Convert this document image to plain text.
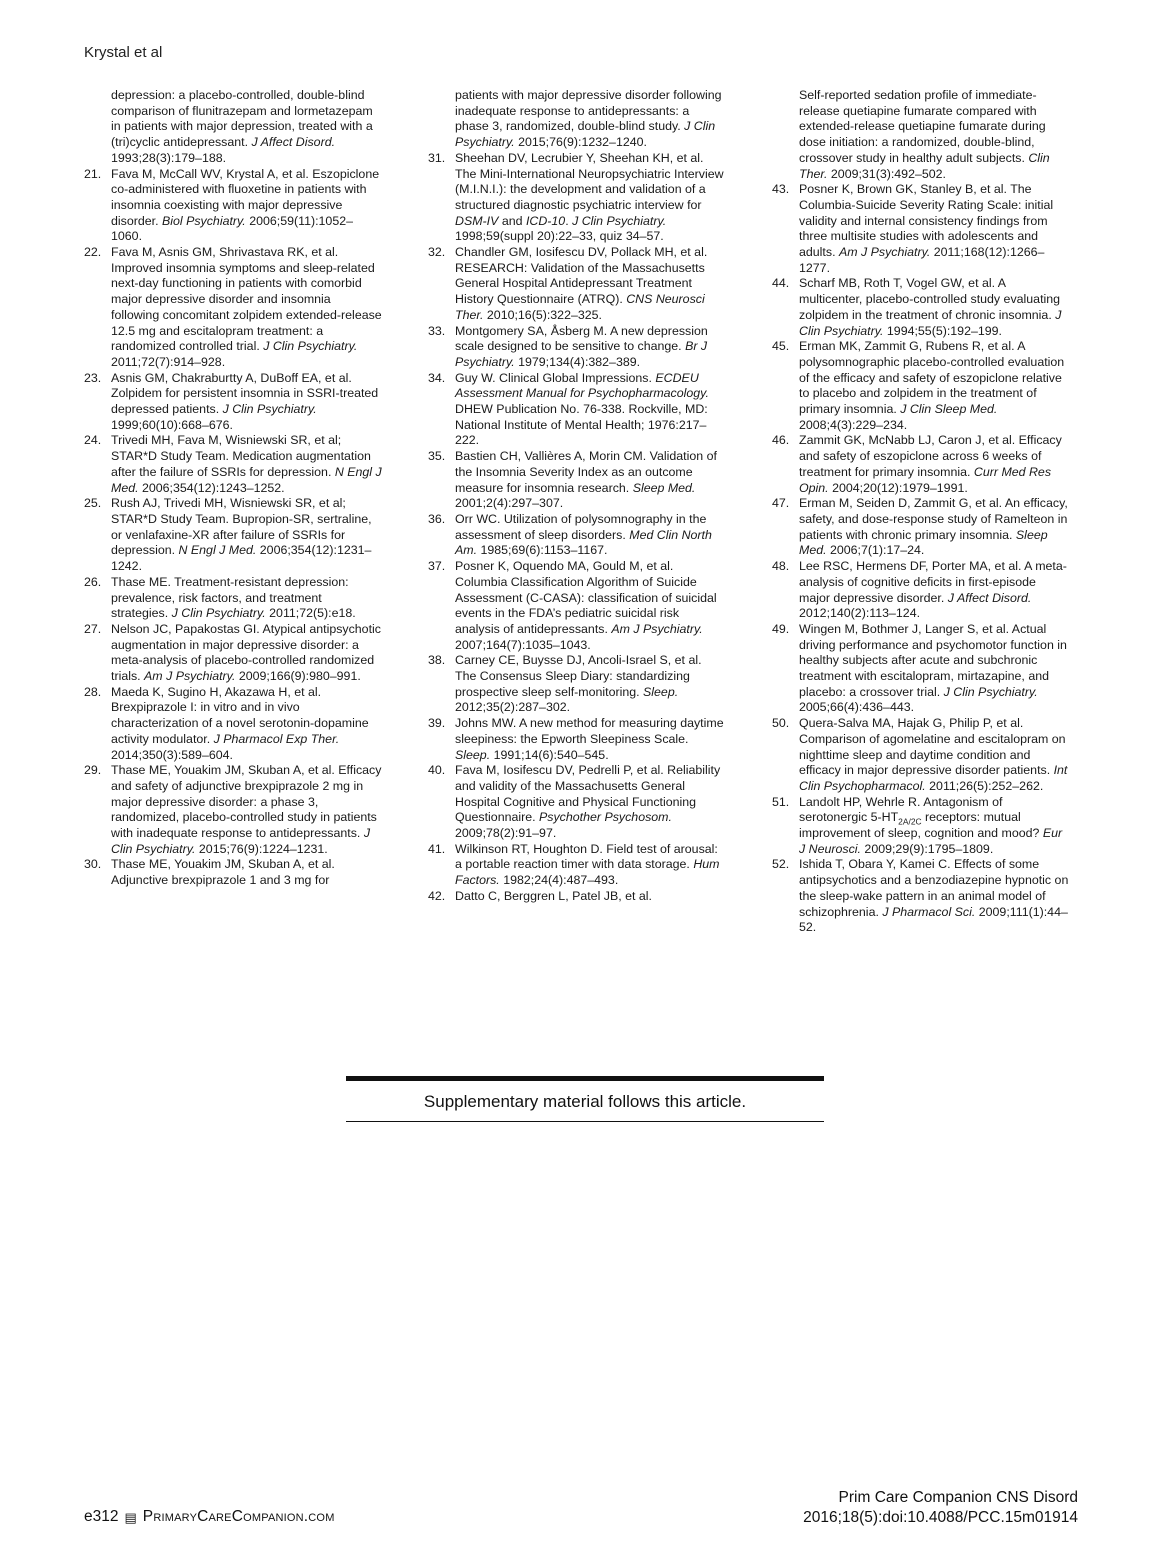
Krystal et al
depression: a placebo-controlled, double-blind comparison of flunitrazepam and lormetazepam in patients with major depression, treated with a (tri)cyclic antidepressant. J Affect Disord. 1993;28(3):179–188.
21. Fava M, McCall WV, Krystal A, et al. Eszopiclone co-administered with fluoxetine in patients with insomnia coexisting with major depressive disorder. Biol Psychiatry. 2006;59(11):1052–1060.
22. Fava M, Asnis GM, Shrivastava RK, et al. Improved insomnia symptoms and sleep-related next-day functioning in patients with comorbid major depressive disorder and insomnia following concomitant zolpidem extended-release 12.5 mg and escitalopram treatment: a randomized controlled trial. J Clin Psychiatry. 2011;72(7):914–928.
23. Asnis GM, Chakraburtty A, DuBoff EA, et al. Zolpidem for persistent insomnia in SSRI-treated depressed patients. J Clin Psychiatry. 1999;60(10):668–676.
24. Trivedi MH, Fava M, Wisniewski SR, et al; STAR*D Study Team. Medication augmentation after the failure of SSRIs for depression. N Engl J Med. 2006;354(12):1243–1252.
25. Rush AJ, Trivedi MH, Wisniewski SR, et al; STAR*D Study Team. Bupropion-SR, sertraline, or venlafaxine-XR after failure of SSRIs for depression. N Engl J Med. 2006;354(12):1231–1242.
26. Thase ME. Treatment-resistant depression: prevalence, risk factors, and treatment strategies. J Clin Psychiatry. 2011;72(5):e18.
27. Nelson JC, Papakostas GI. Atypical antipsychotic augmentation in major depressive disorder: a meta-analysis of placebo-controlled randomized trials. Am J Psychiatry. 2009;166(9):980–991.
28. Maeda K, Sugino H, Akazawa H, et al. Brexpiprazole I: in vitro and in vivo characterization of a novel serotonin-dopamine activity modulator. J Pharmacol Exp Ther. 2014;350(3):589–604.
29. Thase ME, Youakim JM, Skuban A, et al. Efficacy and safety of adjunctive brexpiprazole 2 mg in major depressive disorder: a phase 3, randomized, placebo-controlled study in patients with inadequate response to antidepressants. J Clin Psychiatry. 2015;76(9):1224–1231.
30. Thase ME, Youakim JM, Skuban A, et al. Adjunctive brexpiprazole 1 and 3 mg for
patients with major depressive disorder following inadequate response to antidepressants: a phase 3, randomized, double-blind study. J Clin Psychiatry. 2015;76(9):1232–1240.
31. Sheehan DV, Lecrubier Y, Sheehan KH, et al. The Mini-International Neuropsychiatric Interview (M.I.N.I.): the development and validation of a structured diagnostic psychiatric interview for DSM-IV and ICD-10. J Clin Psychiatry. 1998;59(suppl 20):22–33, quiz 34–57.
32. Chandler GM, Iosifescu DV, Pollack MH, et al. RESEARCH: Validation of the Massachusetts General Hospital Antidepressant Treatment History Questionnaire (ATRQ). CNS Neurosci Ther. 2010;16(5):322–325.
33. Montgomery SA, Åsberg M. A new depression scale designed to be sensitive to change. Br J Psychiatry. 1979;134(4):382–389.
34. Guy W. Clinical Global Impressions. ECDEU Assessment Manual for Psychopharmacology. DHEW Publication No. 76-338. Rockville, MD: National Institute of Mental Health; 1976:217–222.
35. Bastien CH, Vallières A, Morin CM. Validation of the Insomnia Severity Index as an outcome measure for insomnia research. Sleep Med. 2001;2(4):297–307.
36. Orr WC. Utilization of polysomnography in the assessment of sleep disorders. Med Clin North Am. 1985;69(6):1153–1167.
37. Posner K, Oquendo MA, Gould M, et al. Columbia Classification Algorithm of Suicide Assessment (C-CASA): classification of suicidal events in the FDA’s pediatric suicidal risk analysis of antidepressants. Am J Psychiatry. 2007;164(7):1035–1043.
38. Carney CE, Buysse DJ, Ancoli-Israel S, et al. The Consensus Sleep Diary: standardizing prospective sleep self-monitoring. Sleep. 2012;35(2):287–302.
39. Johns MW. A new method for measuring daytime sleepiness: the Epworth Sleepiness Scale. Sleep. 1991;14(6):540–545.
40. Fava M, Iosifescu DV, Pedrelli P, et al. Reliability and validity of the Massachusetts General Hospital Cognitive and Physical Functioning Questionnaire. Psychother Psychosom. 2009;78(2):91–97.
41. Wilkinson RT, Houghton D. Field test of arousal: a portable reaction timer with data storage. Hum Factors. 1982;24(4):487–493.
42. Datto C, Berggren L, Patel JB, et al.
Self-reported sedation profile of immediate-release quetiapine fumarate compared with extended-release quetiapine fumarate during dose initiation: a randomized, double-blind, crossover study in healthy adult subjects. Clin Ther. 2009;31(3):492–502.
43. Posner K, Brown GK, Stanley B, et al. The Columbia-Suicide Severity Rating Scale: initial validity and internal consistency findings from three multisite studies with adolescents and adults. Am J Psychiatry. 2011;168(12):1266–1277.
44. Scharf MB, Roth T, Vogel GW, et al. A multicenter, placebo-controlled study evaluating zolpidem in the treatment of chronic insomnia. J Clin Psychiatry. 1994;55(5):192–199.
45. Erman MK, Zammit G, Rubens R, et al. A polysomnographic placebo-controlled evaluation of the efficacy and safety of eszopiclone relative to placebo and zolpidem in the treatment of primary insomnia. J Clin Sleep Med. 2008;4(3):229–234.
46. Zammit GK, McNabb LJ, Caron J, et al. Efficacy and safety of eszopiclone across 6 weeks of treatment for primary insomnia. Curr Med Res Opin. 2004;20(12):1979–1991.
47. Erman M, Seiden D, Zammit G, et al. An efficacy, safety, and dose-response study of Ramelteon in patients with chronic primary insomnia. Sleep Med. 2006;7(1):17–24.
48. Lee RSC, Hermens DF, Porter MA, et al. A meta-analysis of cognitive deficits in first-episode major depressive disorder. J Affect Disord. 2012;140(2):113–124.
49. Wingen M, Bothmer J, Langer S, et al. Actual driving performance and psychomotor function in healthy subjects after acute and subchronic treatment with escitalopram, mirtazapine, and placebo: a crossover trial. J Clin Psychiatry. 2005;66(4):436–443.
50. Quera-Salva MA, Hajak G, Philip P, et al. Comparison of agomelatine and escitalopram on nighttime sleep and daytime condition and efficacy in major depressive disorder patients. Int Clin Psychopharmacol. 2011;26(5):252–262.
51. Landolt HP, Wehrle R. Antagonism of serotonergic $5-HT_{2A/2C}$ receptors: mutual improvement of sleep, cognition and mood? Eur J Neurosci. 2009;29(9):1795–1809.
52. Ishida T, Obara Y, Kamei C. Effects of some antipsychotics and a benzodiazepine hypnotic on the sleep-wake pattern in an animal model of schizophrenia. J Pharmacol Sci. 2009;111(1):44–52.
Supplementary material follows this article.
e312 ▤ PrimaryCareCompanion.com
Prim Care Companion CNS Disord
2016;18(5):doi:10.4088/PCC.15m01914
